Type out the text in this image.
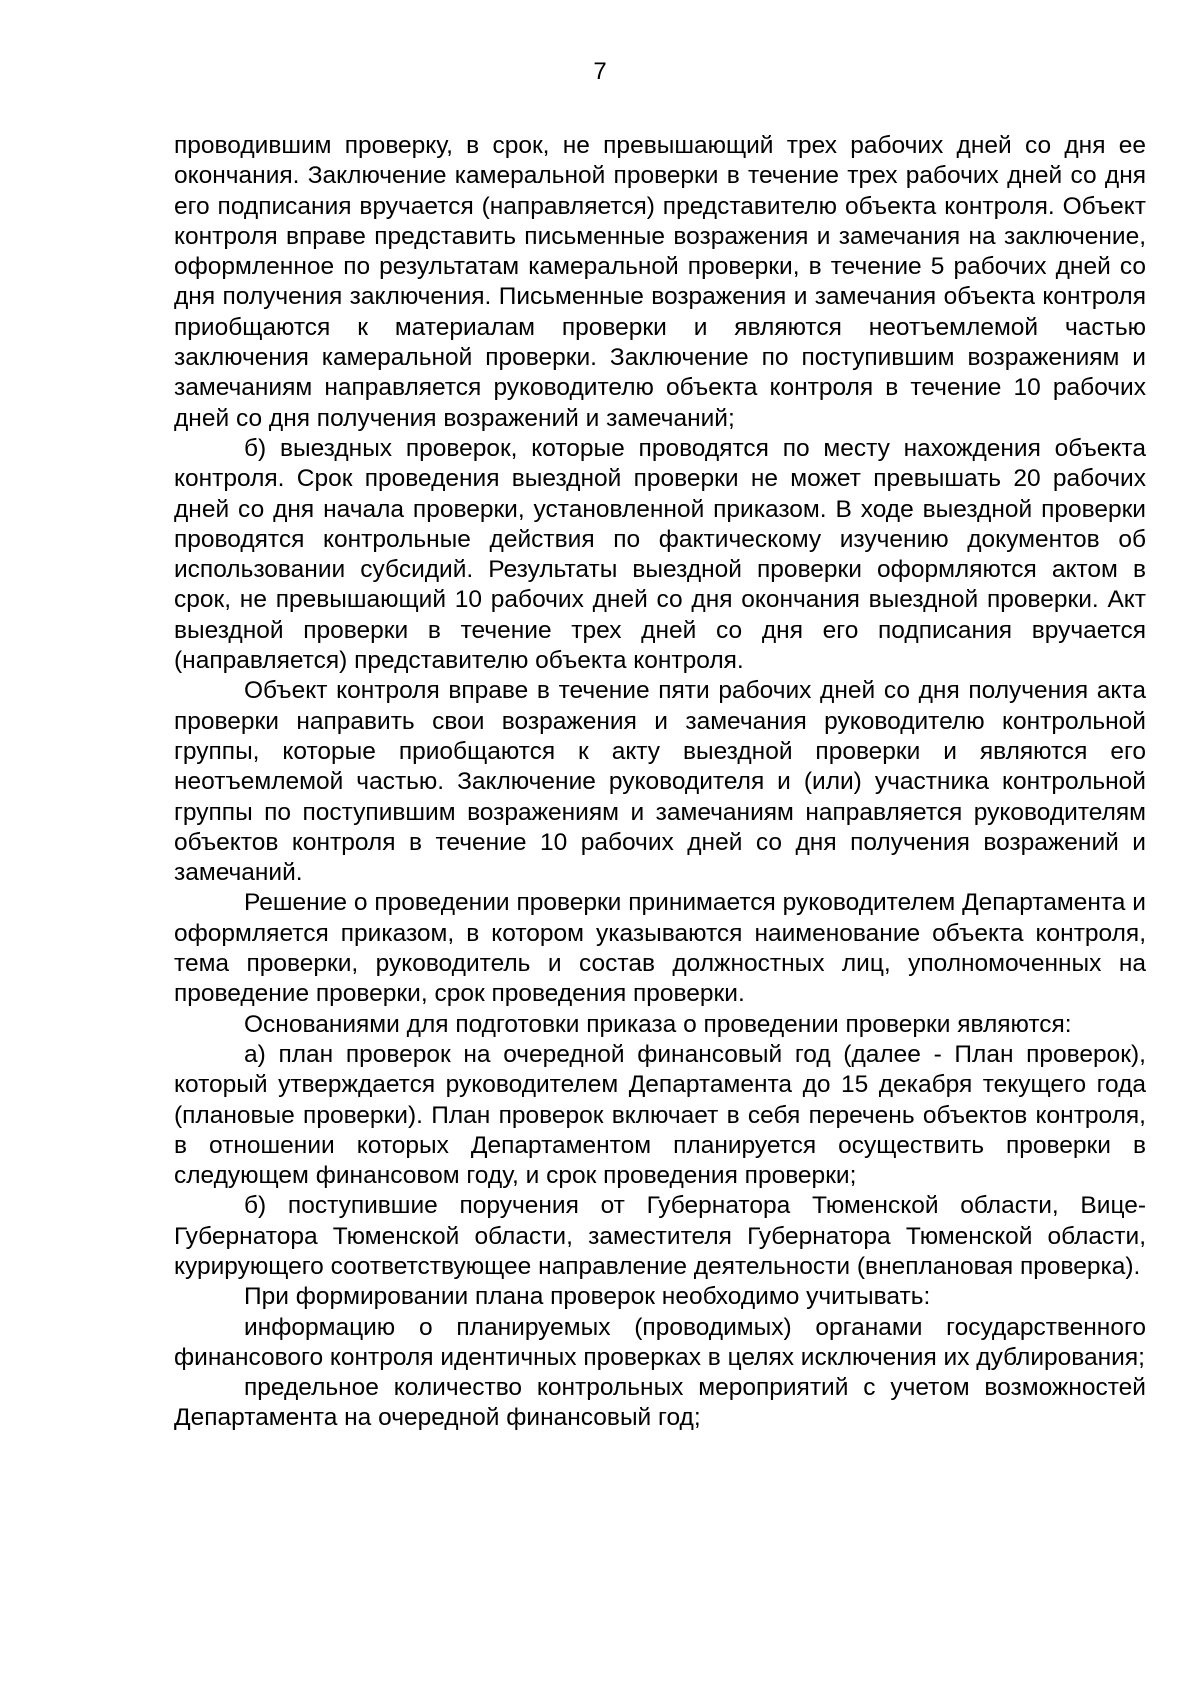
7

проводившим проверку, в срок, не превышающий трех рабочих дней со дня ее окончания. Заключение камеральной проверки в течение трех рабочих дней со дня его подписания вручается (направляется) представителю объекта контроля. Объект контроля вправе представить письменные возражения и замечания на заключение, оформленное по результатам камеральной проверки, в течение 5 рабочих дней со дня получения заключения. Письменные возражения и замечания объекта контроля приобщаются к материалам проверки и являются неотъемлемой частью заключения камеральной проверки. Заключение по поступившим возражениям и замечаниям направляется руководителю объекта контроля в течение 10 рабочих дней со дня получения возражений и замечаний;

б) выездных проверок, которые проводятся по месту нахождения объекта контроля. Срок проведения выездной проверки не может превышать 20 рабочих дней со дня начала проверки, установленной приказом. В ходе выездной проверки проводятся контрольные действия по фактическому изучению документов об использовании субсидий. Результаты выездной проверки оформляются актом в срок, не превышающий 10 рабочих дней со дня окончания выездной проверки. Акт выездной проверки в течение трех дней со дня его подписания вручается (направляется) представителю объекта контроля.

Объект контроля вправе в течение пяти рабочих дней со дня получения акта проверки направить свои возражения и замечания руководителю контрольной группы, которые приобщаются к акту выездной проверки и являются его неотъемлемой частью. Заключение руководителя и (или) участника контрольной группы по поступившим возражениям и замечаниям направляется руководителям объектов контроля в течение 10 рабочих дней со дня получения возражений и замечаний.

Решение о проведении проверки принимается руководителем Департамента и оформляется приказом, в котором указываются наименование объекта контроля, тема проверки, руководитель и состав должностных лиц, уполномоченных на проведение проверки, срок проведения проверки.

Основаниями для подготовки приказа о проведении проверки являются:

а) план проверок на очередной финансовый год (далее - План проверок), который утверждается руководителем Департамента до 15 декабря текущего года (плановые проверки). План проверок включает в себя перечень объектов контроля, в отношении которых Департаментом планируется осуществить проверки в следующем финансовом году, и срок проведения проверки;

б) поступившие поручения от Губернатора Тюменской области, Вице-Губернатора Тюменской области, заместителя Губернатора Тюменской области, курирующего соответствующее направление деятельности (внеплановая проверка).

При формировании плана проверок необходимо учитывать:

информацию о планируемых (проводимых) органами государственного финансового контроля идентичных проверках в целях исключения их дублирования;

предельное количество контрольных мероприятий с учетом возможностей Департамента на очередной финансовый год;
